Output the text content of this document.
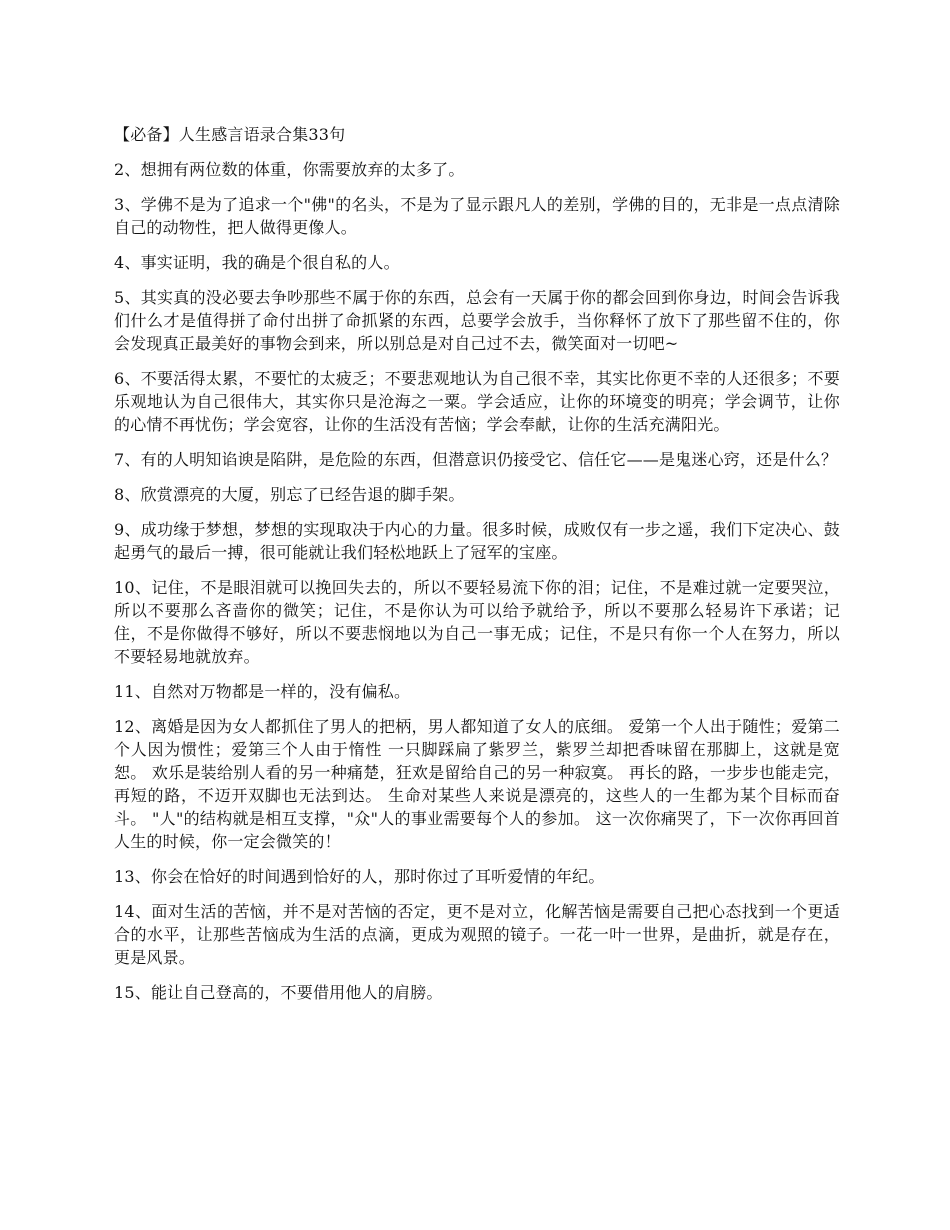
【必备】人生感言语录合集33句

2、想拥有两位数的体重，你需要放弃的太多了。

3、学佛不是为了追求一个"佛"的名头，不是为了显示跟凡人的差别，学佛的目的，无非是一点点清除自己的动物性，把人做得更像人。

4、事实证明，我的确是个很自私的人。

5、其实真的没必要去争吵那些不属于你的东西，总会有一天属于你的都会回到你身边，时间会告诉我们什么才是值得拼了命付出拼了命抓紧的东西，总要学会放手，当你释怀了放下了那些留不住的，你会发现真正最美好的事物会到来，所以别总是对自己过不去，微笑面对一切吧~

6、不要活得太累，不要忙的太疲乏；不要悲观地认为自己很不幸，其实比你更不幸的人还很多；不要乐观地认为自己很伟大，其实你只是沧海之一粟。学会适应，让你的环境变的明亮；学会调节，让你的心情不再忧伤；学会宽容，让你的生活没有苦恼；学会奉献，让你的生活充满阳光。

7、有的人明知谄谀是陷阱，是危险的东西，但潜意识仍接受它、信任它——是鬼迷心窍，还是什么？

8、欣赏漂亮的大厦，别忘了已经告退的脚手架。

9、成功缘于梦想，梦想的实现取决于内心的力量。很多时候，成败仅有一步之遥，我们下定决心、鼓起勇气的最后一搏，很可能就让我们轻松地跃上了冠军的宝座。

10、记住，不是眼泪就可以挽回失去的，所以不要轻易流下你的泪；记住，不是难过就一定要哭泣，所以不要那么吝啬你的微笑；记住，不是你认为可以给予就给予，所以不要那么轻易许下承诺；记住，不是你做得不够好，所以不要悲悯地以为自己一事无成；记住，不是只有你一个人在努力，所以不要轻易地就放弃。

11、自然对万物都是一样的，没有偏私。

12、离婚是因为女人都抓住了男人的把柄，男人都知道了女人的底细。 爱第一个人出于随性；爱第二个人因为惯性；爱第三个人由于惰性 一只脚踩扁了紫罗兰，紫罗兰却把香味留在那脚上，这就是宽恕。 欢乐是装给别人看的另一种痛楚，狂欢是留给自己的另一种寂寞。 再长的路，一步步也能走完，再短的路，不迈开双脚也无法到达。 生命对某些人来说是漂亮的，这些人的一生都为某个目标而奋斗。 "人"的结构就是相互支撑，"众"人的事业需要每个人的参加。 这一次你痛哭了，下一次你再回首人生的时候，你一定会微笑的！

13、你会在恰好的时间遇到恰好的人，那时你过了耳听爱情的年纪。

14、面对生活的苦恼，并不是对苦恼的否定，更不是对立，化解苦恼是需要自己把心态找到一个更适合的水平，让那些苦恼成为生活的点滴，更成为观照的镜子。一花一叶一世界，是曲折，就是存在，更是风景。

15、能让自己登高的，不要借用他人的肩膀。
